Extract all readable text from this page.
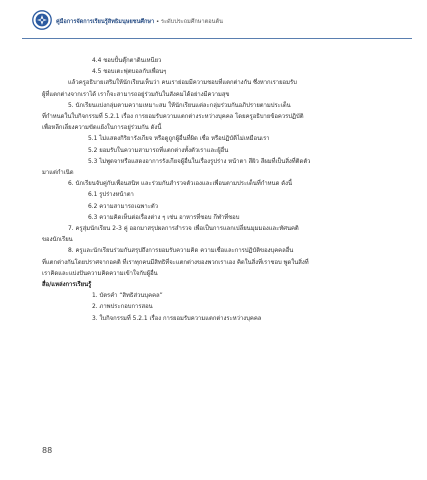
คู่มือการจัดการเรียนรู้สิทธิมนุษยชนศึกษา • ระดับประถมศึกษาตอนต้น
4.4 ชอบปั้นตุ๊กตาดินเหนียว
4.5 ชอบเตะฟุตบอลกับเพื่อนๆ
แล้วครูอธิบายเสริมให้นักเรียนเห็นว่า คนเราย่อมมีความชอบที่แตกต่างกัน ซึ่งหากเรายอมรับ
ผู้ที่แตกต่างจากเราได้ เราก็จะสามารถอยู่ร่วมกันในสังคมได้อย่างมีความสุข
5. นักเรียนแบ่งกลุ่มตามความเหมาะสม ให้นักเรียนแต่ละกลุ่มร่วมกันอภิปรายตามประเด็น
ที่กำหนดในใบกิจกรรมที่ 5.2.1 เรื่อง การยอมรับความแตกต่างระหว่างบุคคล โดยครูอธิบายข้อควรปฏิบัติ
เพื่อหลีกเลี่ยงความขัดแย้งในการอยู่ร่วมกัน ดังนี้
5.1 ไม่แสดงกิริยารังเกียจ หรือดูถูกผู้อื่นที่ผิด เชื่อ หรือปฏิบัติไม่เหมือนเรา
5.2 ยอมรับในความสามารถที่แตกต่างทั้งตัวเราและผู้อื่น
5.3 ไม่พูดจาหรือแสดงอาการรังเกียจผู้อื่นในเรื่องรูปร่าง หน้าตา สีผิว สีผมที่เป็นสิ่งที่ติดตัว
มาแต่กำเนิด
6. นักเรียนจับคู่กับเพื่อนสนิท และร่วมกันสำรวจตัวเองและเพื่อนตามประเด็นที่กำหนด ดังนี้
6.1 รูปร่างหน้าตา
6.2 ความสามารถเฉพาะตัว
6.3 ความคิดเห็นต่อเรื่องต่าง ๆ เช่น อาหารที่ชอบ กีฬาที่ชอบ
7. ครูสุ่มนักเรียน 2-3 คู่ ออกมาสรุปผลการสำรวจ เพื่อเป็นการแลกเปลี่ยนมุมมองและทัศนคติ
ของนักเรียน
8. ครูและนักเรียนร่วมกันสรุปถึงการยอมรับความคิด ความเชื่อและการปฏิบัติของบุคคลอื่น
ที่แตกต่างกันโดยปราศจากอคติ ที่เราทุกคนมีสิทธิที่จะแตกต่างของพวกเราเอง คิดในสิ่งที่เราชอบ พูดในสิ่งที่
เราคิดและแบ่งปันความคิดความเข้าใจกับผู้อื่น
สื่อ/แหล่งการเรียนรู้
1. บัตรคำ “สิทธิส่วนบุคคล”
2. ภาพประกอบการสอน
3. ใบกิจกรรมที่ 5.2.1 เรื่อง การยอมรับความแตกต่างระหว่างบุคคล
88
